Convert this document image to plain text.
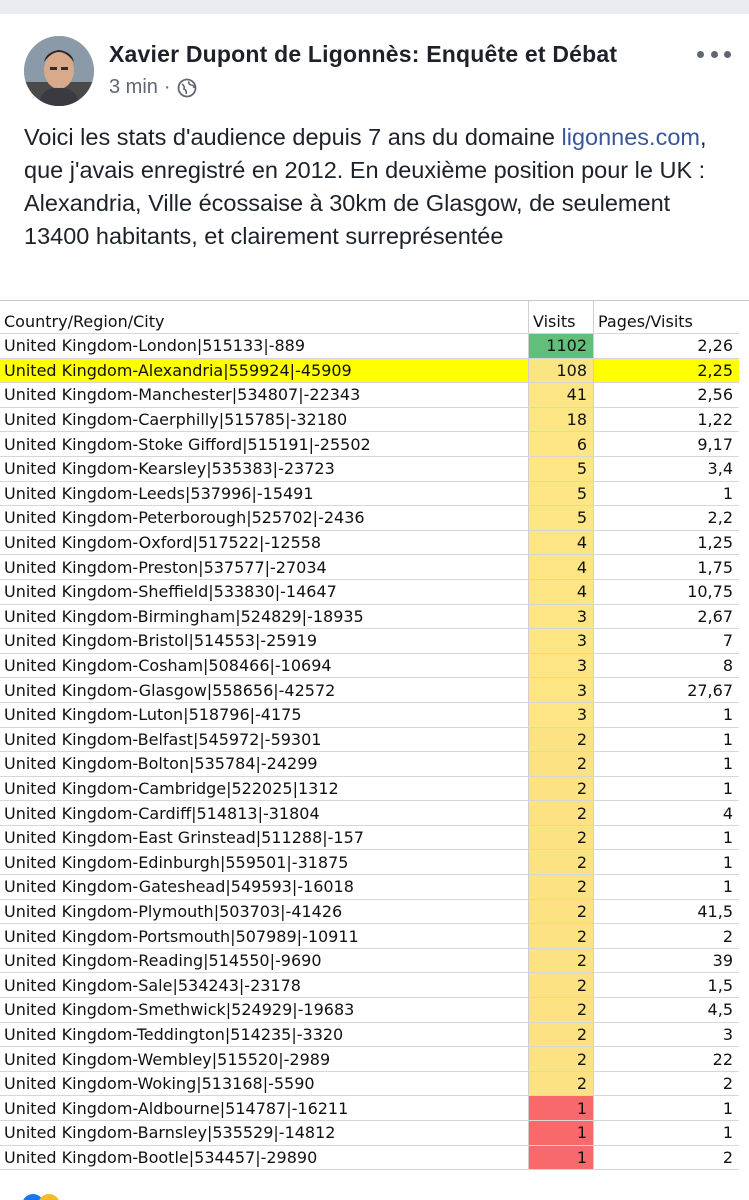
Xavier Dupont de Ligonnès: Enquête et Débat
3 min ·
Voici les stats d'audience depuis 7 ans du domaine ligonnes.com, que j'avais enregistré en 2012. En deuxième position pour le UK : Alexandria, Ville écossaise à 30km de Glasgow, de seulement 13400 habitants, et clairement surreprésentée
Country/Region/City	Visits	Pages/Visits
United Kingdom-London|515133|-889	1102	2,26
United Kingdom-Alexandria|559924|-45909	108	2,25
United Kingdom-Manchester|534807|-22343	41	2,56
United Kingdom-Caerphilly|515785|-32180	18	1,22
United Kingdom-Stoke Gifford|515191|-25502	6	9,17
United Kingdom-Kearsley|535383|-23723	5	3,4
United Kingdom-Leeds|537996|-15491	5	1
United Kingdom-Peterborough|525702|-2436	5	2,2
United Kingdom-Oxford|517522|-12558	4	1,25
United Kingdom-Preston|537577|-27034	4	1,75
United Kingdom-Sheffield|533830|-14647	4	10,75
United Kingdom-Birmingham|524829|-18935	3	2,67
United Kingdom-Bristol|514553|-25919	3	7
United Kingdom-Cosham|508466|-10694	3	8
United Kingdom-Glasgow|558656|-42572	3	27,67
United Kingdom-Luton|518796|-4175	3	1
United Kingdom-Belfast|545972|-59301	2	1
United Kingdom-Bolton|535784|-24299	2	1
United Kingdom-Cambridge|522025|1312	2	1
United Kingdom-Cardiff|514813|-31804	2	4
United Kingdom-East Grinstead|511288|-157	2	1
United Kingdom-Edinburgh|559501|-31875	2	1
United Kingdom-Gateshead|549593|-16018	2	1
United Kingdom-Plymouth|503703|-41426	2	41,5
United Kingdom-Portsmouth|507989|-10911	2	2
United Kingdom-Reading|514550|-9690	2	39
United Kingdom-Sale|534243|-23178	2	1,5
United Kingdom-Smethwick|524929|-19683	2	4,5
United Kingdom-Teddington|514235|-3320	2	3
United Kingdom-Wembley|515520|-2989	2	22
United Kingdom-Woking|513168|-5590	2	2
United Kingdom-Aldbourne|514787|-16211	1	1
United Kingdom-Barnsley|535529|-14812	1	1
United Kingdom-Bootle|534457|-29890	1	2
